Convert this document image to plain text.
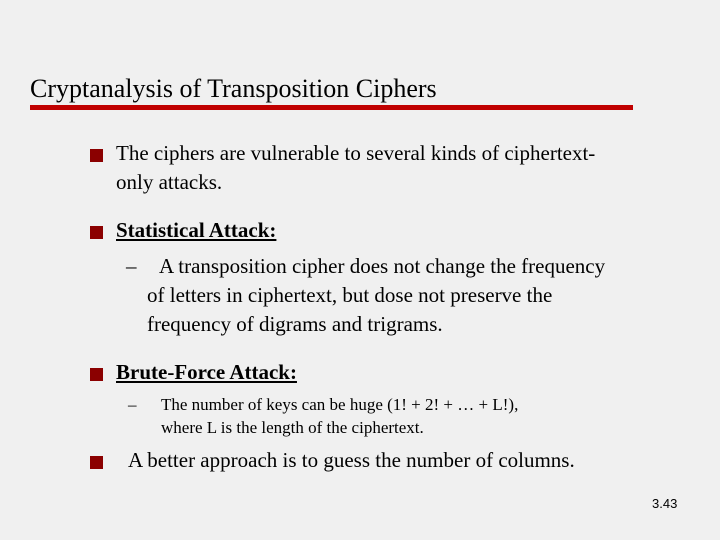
Cryptanalysis of Transposition Ciphers
The ciphers are vulnerable to several kinds of ciphertext-
only attacks.
Statistical Attack:
– A transposition cipher does not change the frequency
of letters in ciphertext, but dose not preserve the
frequency of digrams and trigrams.
Brute-Force Attack:
– The number of keys can be huge (1! + 2! + … + L!),
where L is the length of the ciphertext.
A better approach is to guess the number of columns.
3.43
